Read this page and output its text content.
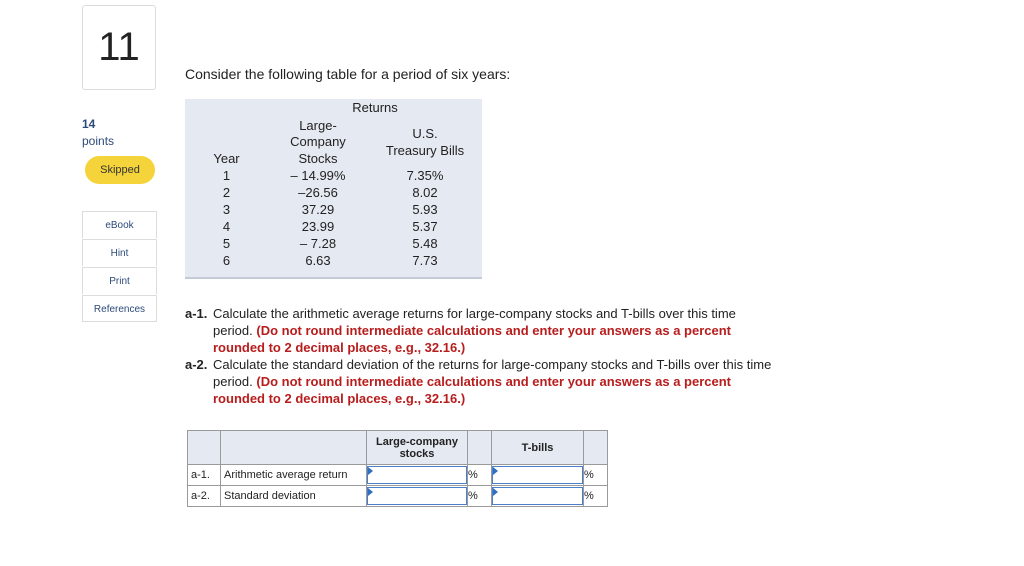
11
14
points
Skipped
eBook
Hint
Print
References
Consider the following table for a period of six years:
Returns
Large-
Company
Stocks
U.S.
Treasury Bills
Year
1	– 14.99%	7.35%
2	–26.56	8.02
3	37.29	5.93
4	23.99	5.37
5	– 7.28	5.48
6	6.63	7.73
a-1. Calculate the arithmetic average returns for large-company stocks and T-bills over this time period. (Do not round intermediate calculations and enter your answers as a percent rounded to 2 decimal places, e.g., 32.16.)
a-2. Calculate the standard deviation of the returns for large-company stocks and T-bills over this time period. (Do not round intermediate calculations and enter your answers as a percent rounded to 2 decimal places, e.g., 32.16.)

		Large-company
stocks		T-bills	
a-1.	Arithmetic average return		%		%
a-2.	Standard deviation		%		%
